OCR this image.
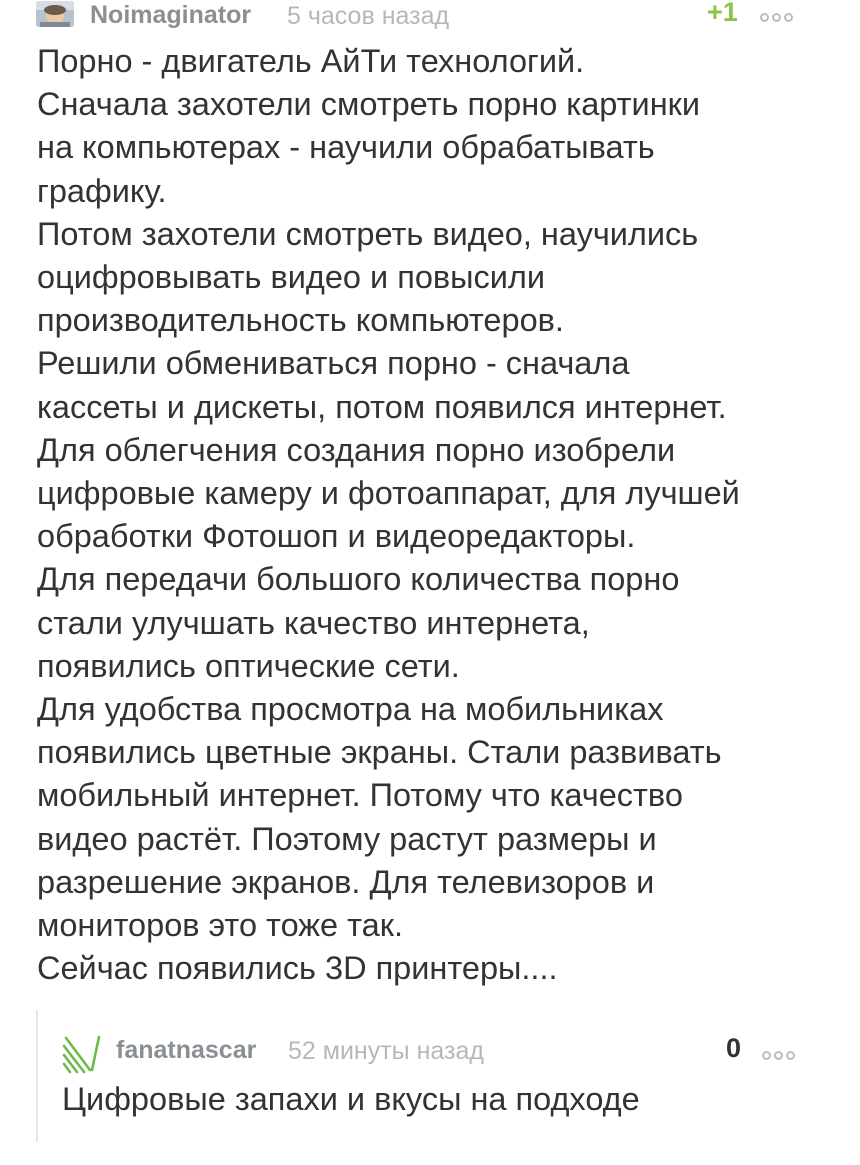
Noimaginator 5 часов назад	+1

Порно - двигатель АйТи технологий.

Сначала захотели смотреть порно картинки

на компьютерах - научили обрабатывать

графику.

Потом захотели смотреть видео, научились

оцифровывать видео и повысили

производительность компьютеров.

Решили обмениваться порно - сначала

кассеты и дискеты, потом появился интернет.

Для облегчения создания порно изобрели

цифровые камеру и фотоаппарат, для лучшей

обработки Фотошоп и видеоредакторы.

Для передачи большого количества порно

стали улучшать качество интернета,

появились оптические сети.

Для удобства просмотра на мобильниках

появились цветные экраны. Стали развивать

мобильный интернет. Потому что качество

видео растёт. Поэтому растут размеры и

разрешение экранов. Для телевизоров и

мониторов это тоже так.

Сейчас появились 3D принтеры....

fanatnascar 52 минуты назад	0
Цифровые запахи и вкусы на подходе
